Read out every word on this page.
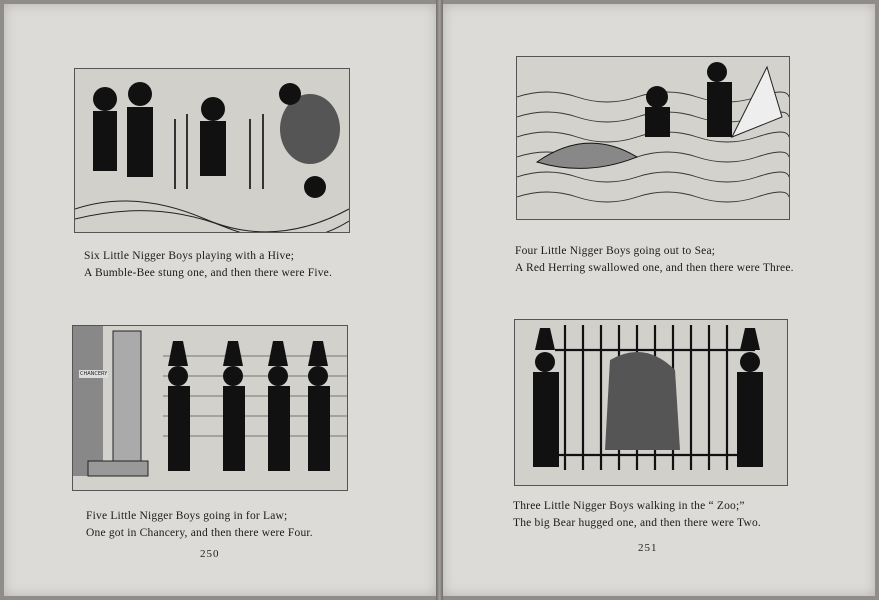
Six Little Nigger Boys playing with a Hive;
A Bumble-Bee stung one, and then there were Five.
CHANCERY
Five Little Nigger Boys going in for Law;
One got in Chancery, and then there were Four.
250
Four Little Nigger Boys going out to Sea;
A Red Herring swallowed one, and then there were Three.
Three Little Nigger Boys walking in the “ Zoo;”
The big Bear hugged one, and then there were Two.
251
